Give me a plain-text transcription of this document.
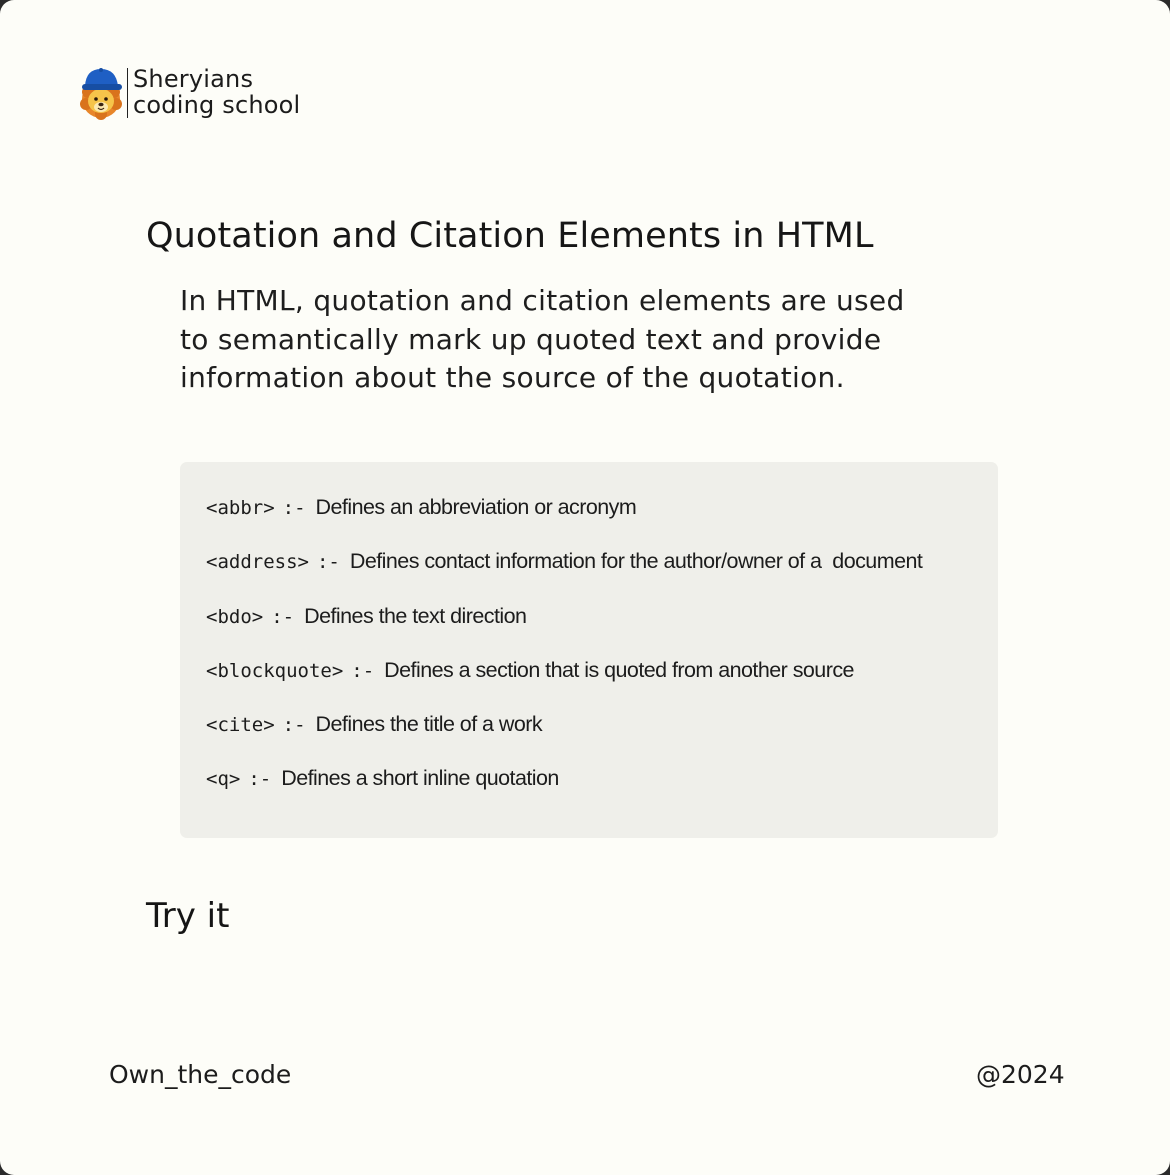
Sheryians
coding school
Quotation and Citation Elements in HTML
In HTML, quotation and citation elements are used to semantically mark up quoted text and provide information about the source of the quotation.
<abbr> :- Defines an abbreviation or acronym
<address> :- Defines contact information for the author/owner of a  document
<bdo> :- Defines the text direction
<blockquote> :- Defines a section that is quoted from another source
<cite> :- Defines the title of a work
<q> :- Defines a short inline quotation
Try it
Own_the_code	@2024
